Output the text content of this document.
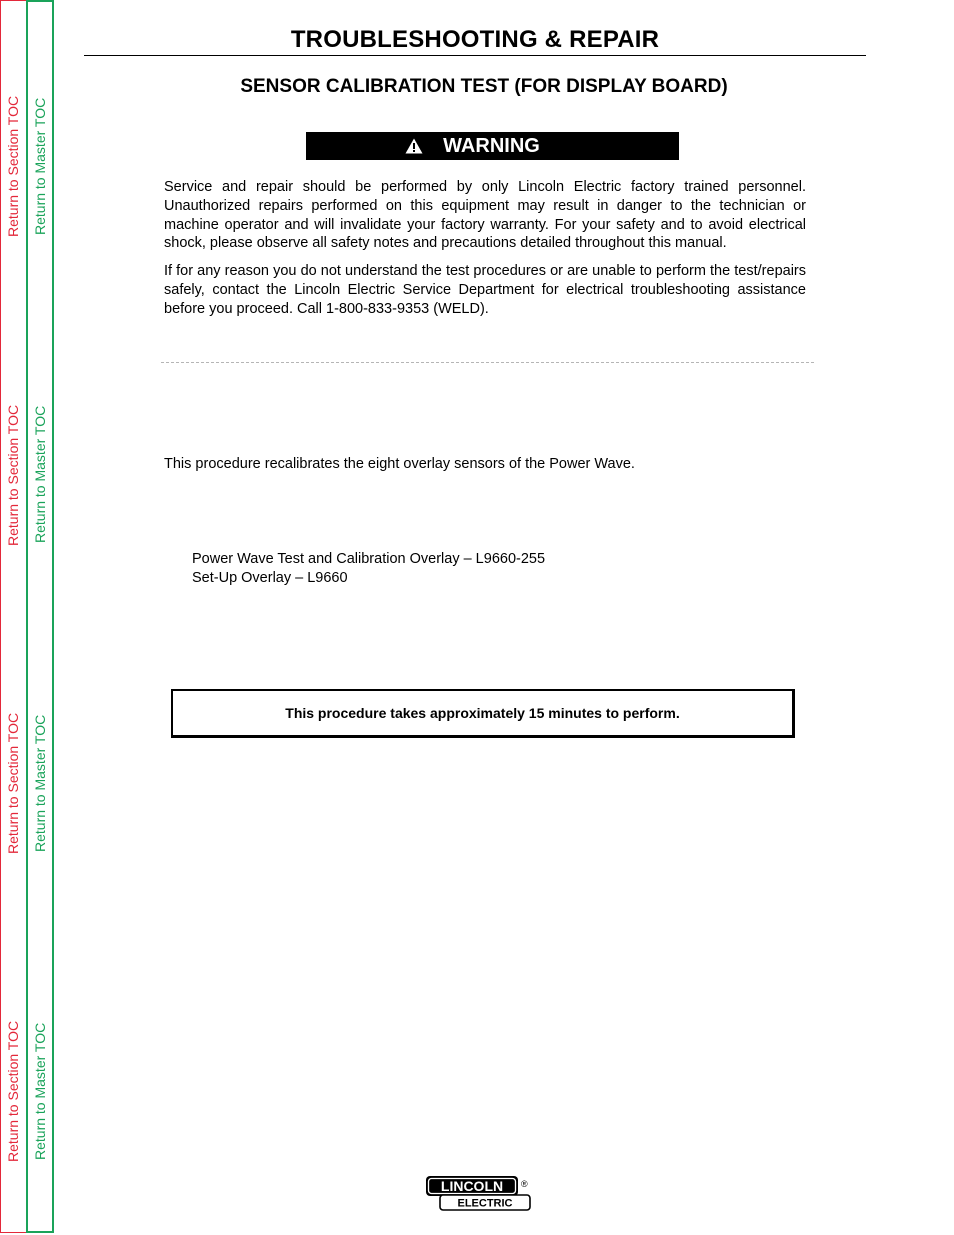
Return to Section TOC Return to Master TOC
Return to Section TOC Return to Master TOC
Return to Section TOC Return to Master TOC
Return to Section TOC Return to Master TOC
TROUBLESHOOTING & REPAIR
SENSOR CALIBRATION TEST (FOR DISPLAY BOARD)
WARNING
Service and repair should be performed by only Lincoln Electric factory trained personnel. Unauthorized repairs performed on this equipment may result in danger to the technician or machine operator and will invalidate your factory warranty. For your safety and to avoid electrical shock, please observe all safety notes and precautions detailed throughout this manual.
If for any reason you do not understand the test procedures or are unable to perform the test/repairs safely, contact the Lincoln Electric Service Department for electrical troubleshooting assistance before you proceed. Call 1-800-833-9353 (WELD).
This procedure recalibrates the eight overlay sensors of the Power Wave.
Power Wave Test and Calibration Overlay – L9660-255
Set-Up Overlay – L9660
This procedure takes approximately 15 minutes to perform.
LINCOLN ®
ELECTRIC
